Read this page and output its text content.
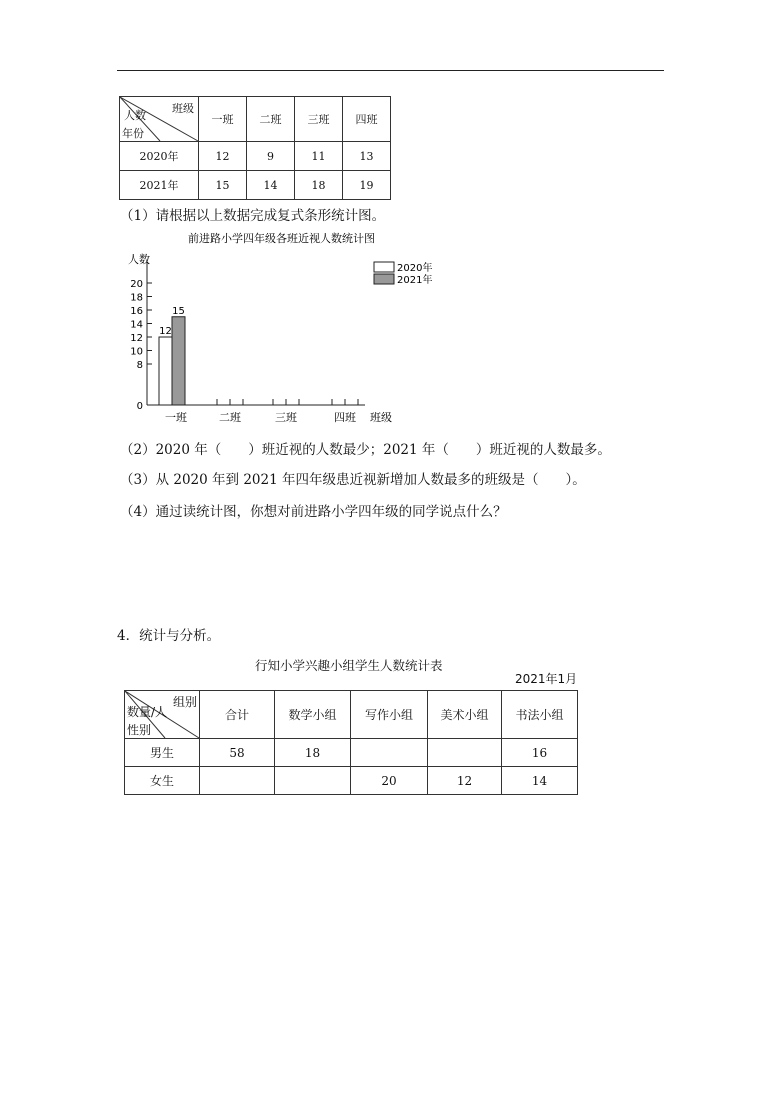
班级
人数
年份	一班	二班	三班	四班
2020年	12	9	11	13
2021年	15	14	18	19
（1）请根据以上数据完成复式条形统计图。
前进路小学四年级各班近视人数统计图
人数
班级
0
8
10
12
14
16
18
20
一班	二班	三班	四班
12
15
2020年
2021年
（2）2020 年（　　）班近视的人数最少；2021 年（　　）班近视的人数最多。
（3）从 2020 年到 2021 年四年级患近视新增加人数最多的班级是（　　）。
（4）通过读统计图，你想对前进路小学四年级的同学说点什么？
4．统计与分析。
行知小学兴趣小组学生人数统计表
2021年1月
组别
数量/人
性别	合计	数学小组	写作小组	美术小组	书法小组
男生	58	18			16
女生			20	12	14
